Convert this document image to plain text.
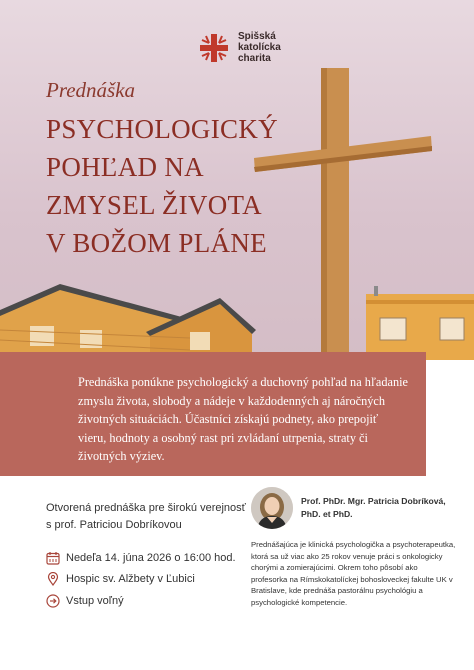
Spišská
katolícka
charita
Prednáška
PSYCHOLOGICKÝ
POHĽAD NA
ZMYSEL ŽIVOTA
V BOŽOM PLÁNE
Prednáška ponúkne psychologický a duchovný pohľad na hľadanie zmyslu života, slobody a nádeje v každodenných aj náročných životných situáciách. Účastníci získajú podnety, ako prepojiť vieru, hodnoty a osobný rast pri zvládaní utrpenia, straty či životných výziev.
Otvorená prednáška pre širokú verejnosť s prof. Patriciou Dobríkovou
Nedeľa 14. júna 2026 o 16:00 hod.
Hospic sv. Alžbety v Ľubici
Vstup voľný
Prof. PhDr. Mgr. Patricia Dobríková, PhD. et PhD.
Prednášajúca je klinická psychologička a psychoterapeutka, ktorá sa už viac ako 25 rokov venuje práci s onkologicky chorými a zomierajúcimi. Okrem toho pôsobí ako profesorka na Rímskokatolíckej bohosloveckej fakulte UK v Bratislave, kde prednáša pastorálnu psychológiu a psychologické kompetencie.
